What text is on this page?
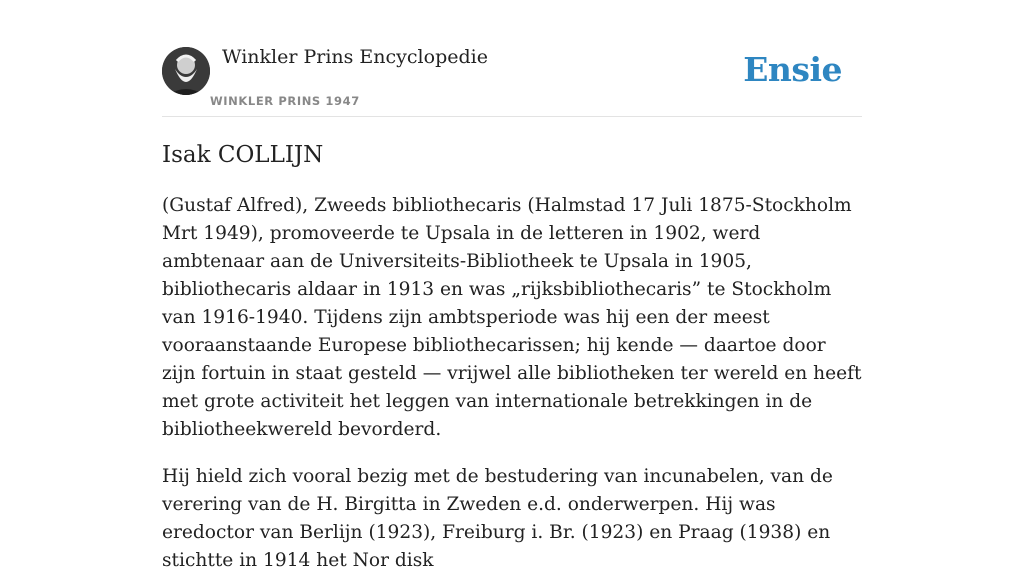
Winkler Prins Encyclopedie
WINKLER PRINS 1947
Ensie
Isak COLLIJN

(Gustaf Alfred), Zweeds bibliothecaris (Halmstad 17 Juli 1875-Stockholm Mrt 1949), promoveerde te Upsala in de letteren in 1902, werd ambtenaar aan de Universiteits-Bibliotheek te Upsala in 1905, bibliothecaris aldaar in 1913 en was „rijksbibliothecaris” te Stockholm van 1916-1940. Tijdens zijn ambtsperiode was hij een der meest vooraanstaande Europese bibliothecarissen; hij kende — daartoe door zijn fortuin in staat gesteld — vrijwel alle bibliotheken ter wereld en heeft met grote activiteit het leggen van internationale betrekkingen in de bibliotheekwereld bevorderd.

Hij hield zich vooral bezig met de bestudering van incunabelen, van de verering van de H. Birgitta in Zweden e.d. onderwerpen. Hij was eredoctor van Berlijn (1923), Freiburg i. Br. (1923) en Praag (1938) en stichtte in 1914 het Nor disk
